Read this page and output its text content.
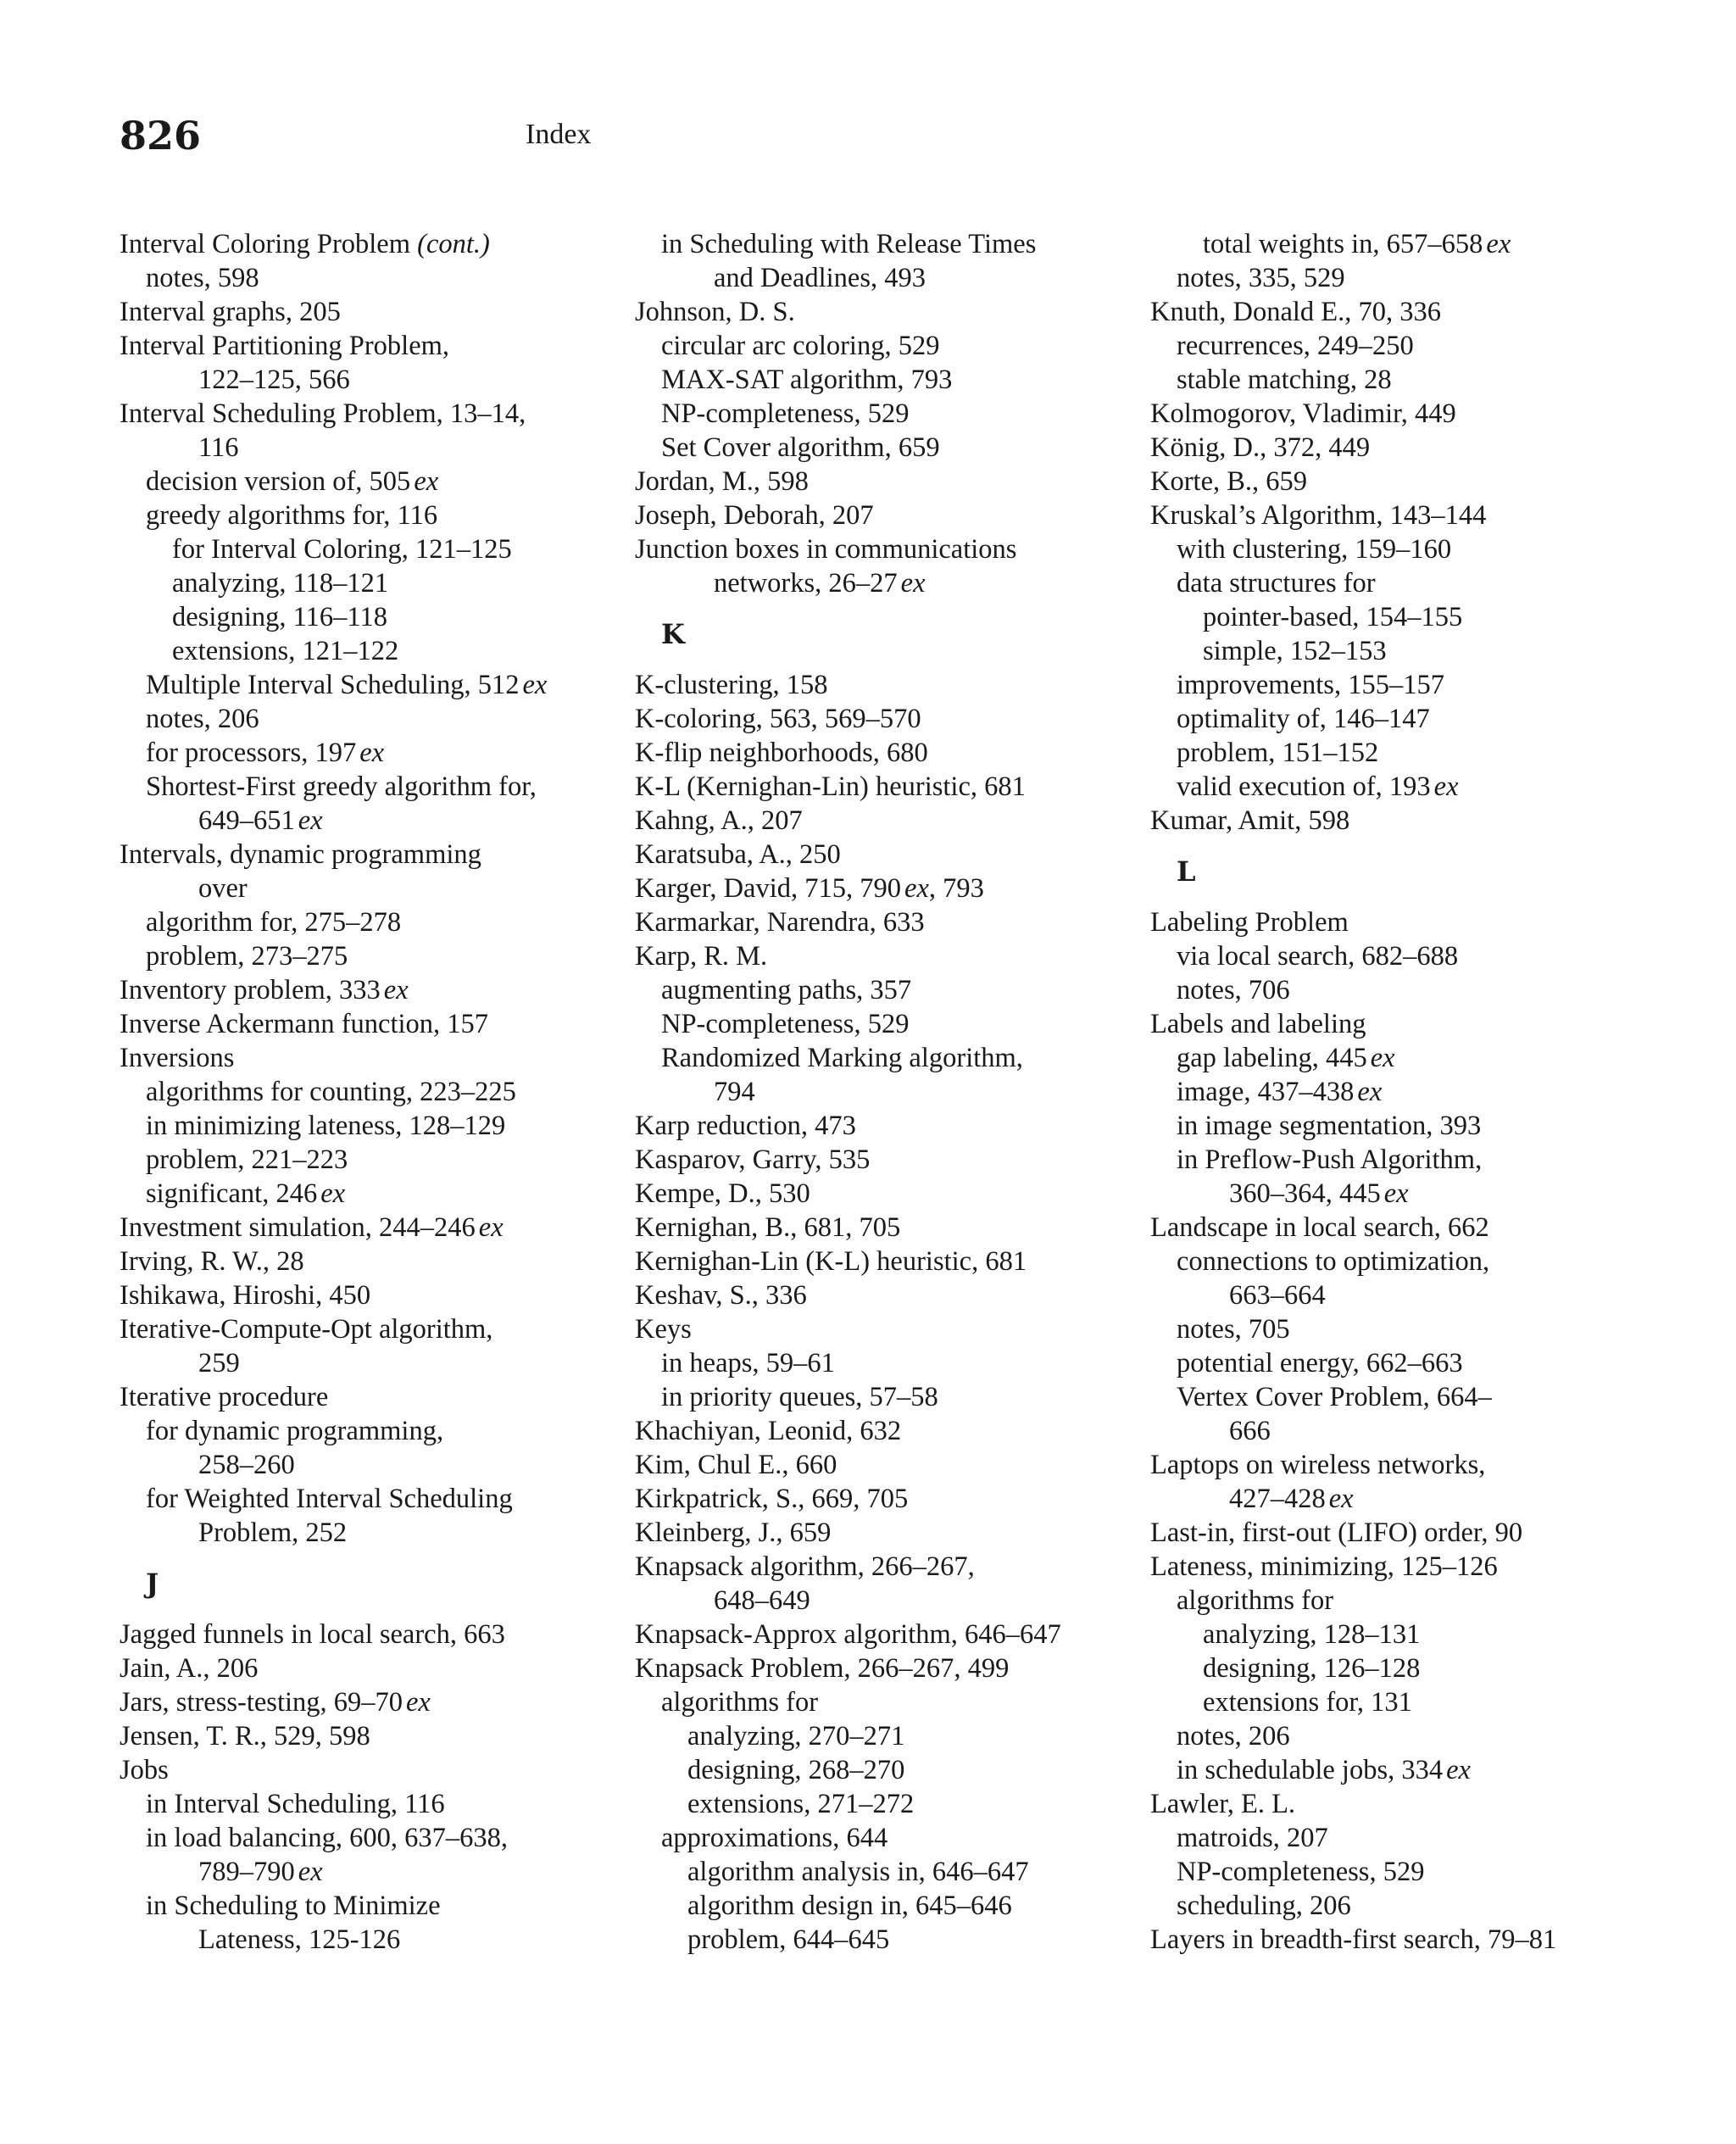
826	Index
Interval Coloring Problem (cont.)
notes, 598
Interval graphs, 205
Interval Partitioning Problem,
122–125, 566
Interval Scheduling Problem, 13–14,
116
decision version of, 505 ex
greedy algorithms for, 116
for Interval Coloring, 121–125
analyzing, 118–121
designing, 116–118
extensions, 121–122
Multiple Interval Scheduling, 512 ex
notes, 206
for processors, 197 ex
Shortest-First greedy algorithm for,
649–651 ex
Intervals, dynamic programming
over
algorithm for, 275–278
problem, 273–275
Inventory problem, 333 ex
Inverse Ackermann function, 157
Inversions
algorithms for counting, 223–225
in minimizing lateness, 128–129
problem, 221–223
significant, 246 ex
Investment simulation, 244–246 ex
Irving, R. W., 28
Ishikawa, Hiroshi, 450
Iterative-Compute-Opt algorithm,
259
Iterative procedure
for dynamic programming,
258–260
for Weighted Interval Scheduling
Problem, 252
J
Jagged funnels in local search, 663
Jain, A., 206
Jars, stress-testing, 69–70 ex
Jensen, T. R., 529, 598
Jobs
in Interval Scheduling, 116
in load balancing, 600, 637–638,
789–790 ex
in Scheduling to Minimize
Lateness, 125-126
in Scheduling with Release Times
and Deadlines, 493
Johnson, D. S.
circular arc coloring, 529
MAX-SAT algorithm, 793
NP-completeness, 529
Set Cover algorithm, 659
Jordan, M., 598
Joseph, Deborah, 207
Junction boxes in communications
networks, 26–27 ex
K
K-clustering, 158
K-coloring, 563, 569–570
K-flip neighborhoods, 680
K-L (Kernighan-Lin) heuristic, 681
Kahng, A., 207
Karatsuba, A., 250
Karger, David, 715, 790 ex, 793
Karmarkar, Narendra, 633
Karp, R. M.
augmenting paths, 357
NP-completeness, 529
Randomized Marking algorithm,
794
Karp reduction, 473
Kasparov, Garry, 535
Kempe, D., 530
Kernighan, B., 681, 705
Kernighan-Lin (K-L) heuristic, 681
Keshav, S., 336
Keys
in heaps, 59–61
in priority queues, 57–58
Khachiyan, Leonid, 632
Kim, Chul E., 660
Kirkpatrick, S., 669, 705
Kleinberg, J., 659
Knapsack algorithm, 266–267,
648–649
Knapsack-Approx algorithm, 646–647
Knapsack Problem, 266–267, 499
algorithms for
analyzing, 270–271
designing, 268–270
extensions, 271–272
approximations, 644
algorithm analysis in, 646–647
algorithm design in, 645–646
problem, 644–645
total weights in, 657–658 ex
notes, 335, 529
Knuth, Donald E., 70, 336
recurrences, 249–250
stable matching, 28
Kolmogorov, Vladimir, 449
König, D., 372, 449
Korte, B., 659
Kruskal’s Algorithm, 143–144
with clustering, 159–160
data structures for
pointer-based, 154–155
simple, 152–153
improvements, 155–157
optimality of, 146–147
problem, 151–152
valid execution of, 193 ex
Kumar, Amit, 598
L
Labeling Problem
via local search, 682–688
notes, 706
Labels and labeling
gap labeling, 445 ex
image, 437–438 ex
in image segmentation, 393
in Preflow-Push Algorithm,
360–364, 445 ex
Landscape in local search, 662
connections to optimization,
663–664
notes, 705
potential energy, 662–663
Vertex Cover Problem, 664–
666
Laptops on wireless networks,
427–428 ex
Last-in, first-out (LIFO) order, 90
Lateness, minimizing, 125–126
algorithms for
analyzing, 128–131
designing, 126–128
extensions for, 131
notes, 206
in schedulable jobs, 334 ex
Lawler, E. L.
matroids, 207
NP-completeness, 529
scheduling, 206
Layers in breadth-first search, 79–81
